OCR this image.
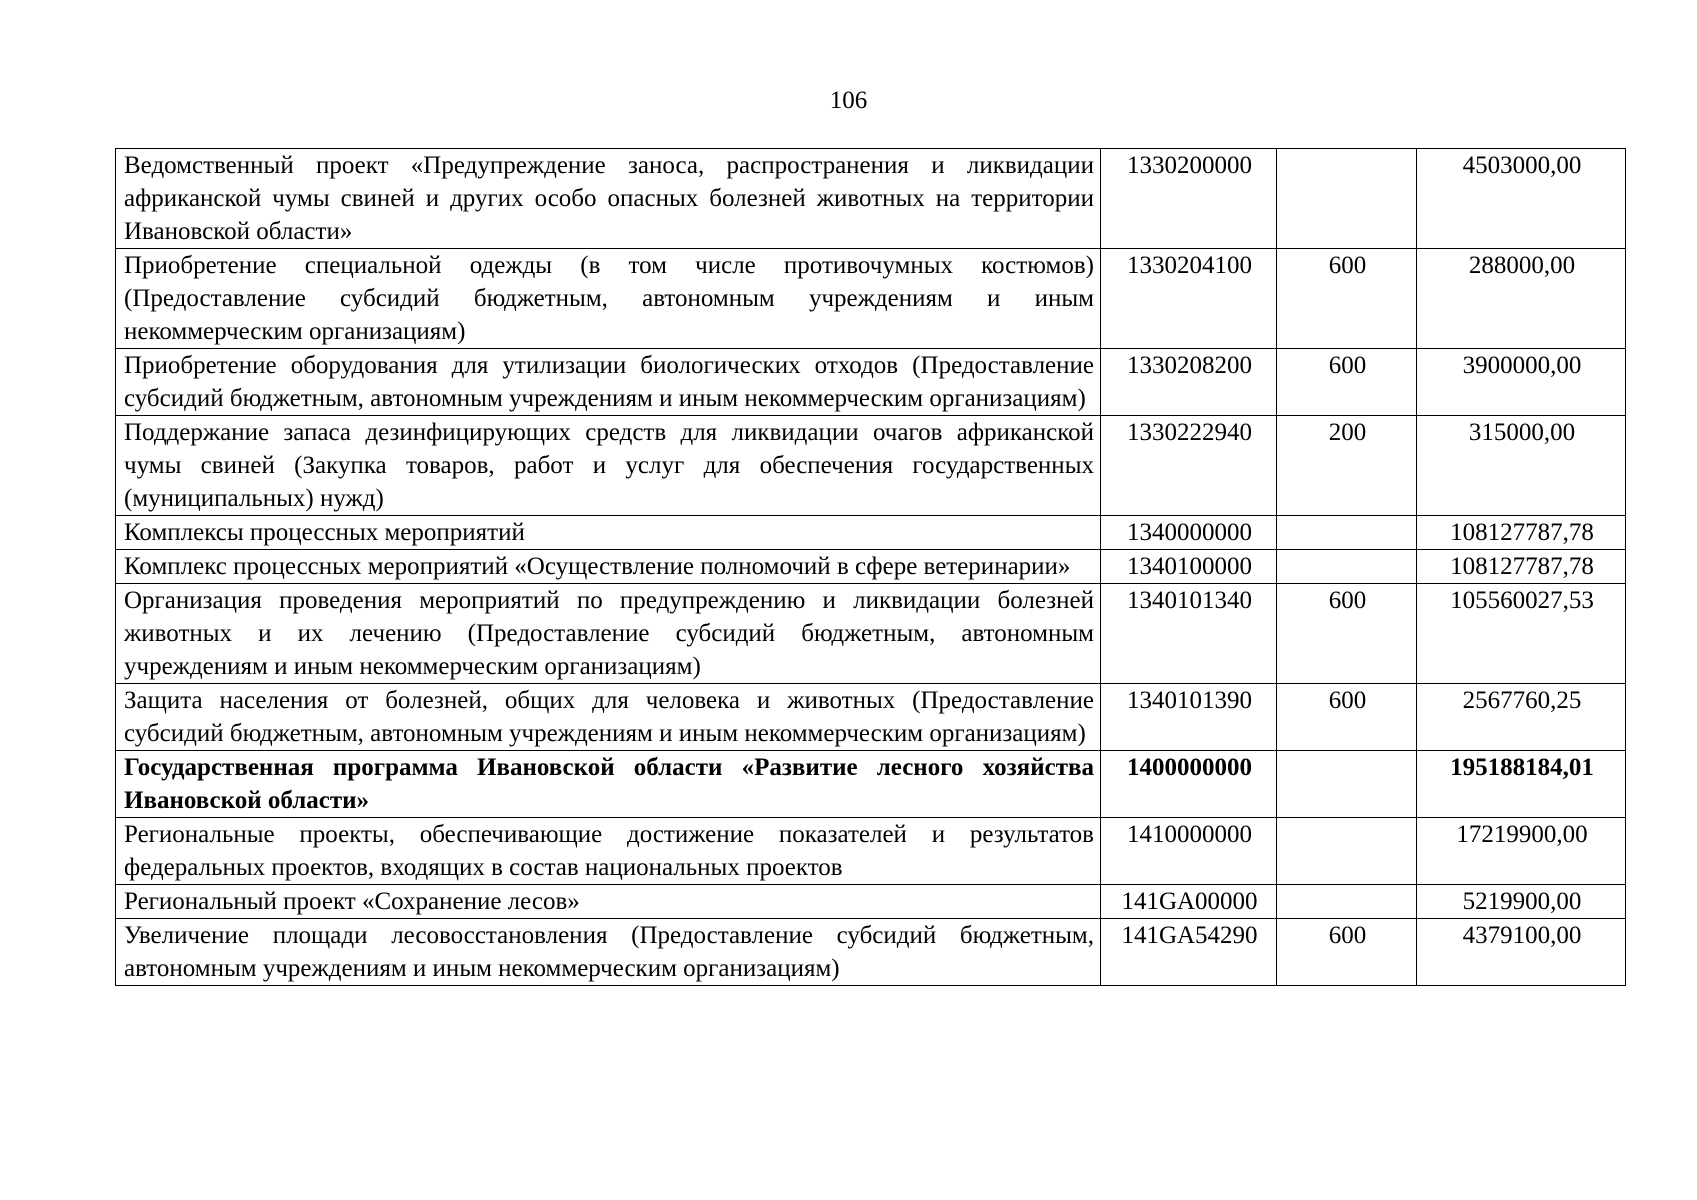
106
Ведомственный проект «Предупреждение заноса, распространения и ликвидации африканской чумы свиней и других особо опасных болезней животных на территории Ивановской области»	1330200000		4503000,00
Приобретение специальной одежды (в том числе противочумных костюмов) (Предоставление субсидий бюджетным, автономным учреждениям и иным некоммерческим организациям)	1330204100	600	288000,00
Приобретение оборудования для утилизации биологических отходов (Предоставление субсидий бюджетным, автономным учреждениям и иным некоммерческим организациям)	1330208200	600	3900000,00
Поддержание запаса дезинфицирующих средств для ликвидации очагов африканской чумы свиней (Закупка товаров, работ и услуг для обеспечения государственных (муниципальных) нужд)	1330222940	200	315000,00
Комплексы процессных мероприятий	1340000000		108127787,78
Комплекс процессных мероприятий «Осуществление полномочий в сфере ветеринарии»	1340100000		108127787,78
Организация проведения мероприятий по предупреждению и ликвидации болезней животных и их лечению (Предоставление субсидий бюджетным, автономным учреждениям и иным некоммерческим организациям)	1340101340	600	105560027,53
Защита населения от болезней, общих для человека и животных (Предоставление субсидий бюджетным, автономным учреждениям и иным некоммерческим организациям)	1340101390	600	2567760,25
Государственная программа Ивановской области «Развитие лесного хозяйства Ивановской области»	1400000000		195188184,01
Региональные проекты, обеспечивающие достижение показателей и результатов федеральных проектов, входящих в состав национальных проектов	1410000000		17219900,00
Региональный проект «Сохранение лесов»	141GA00000		5219900,00
Увеличение площади лесовосстановления (Предоставление субсидий бюджетным, автономным учреждениям и иным некоммерческим организациям)	141GA54290	600	4379100,00
